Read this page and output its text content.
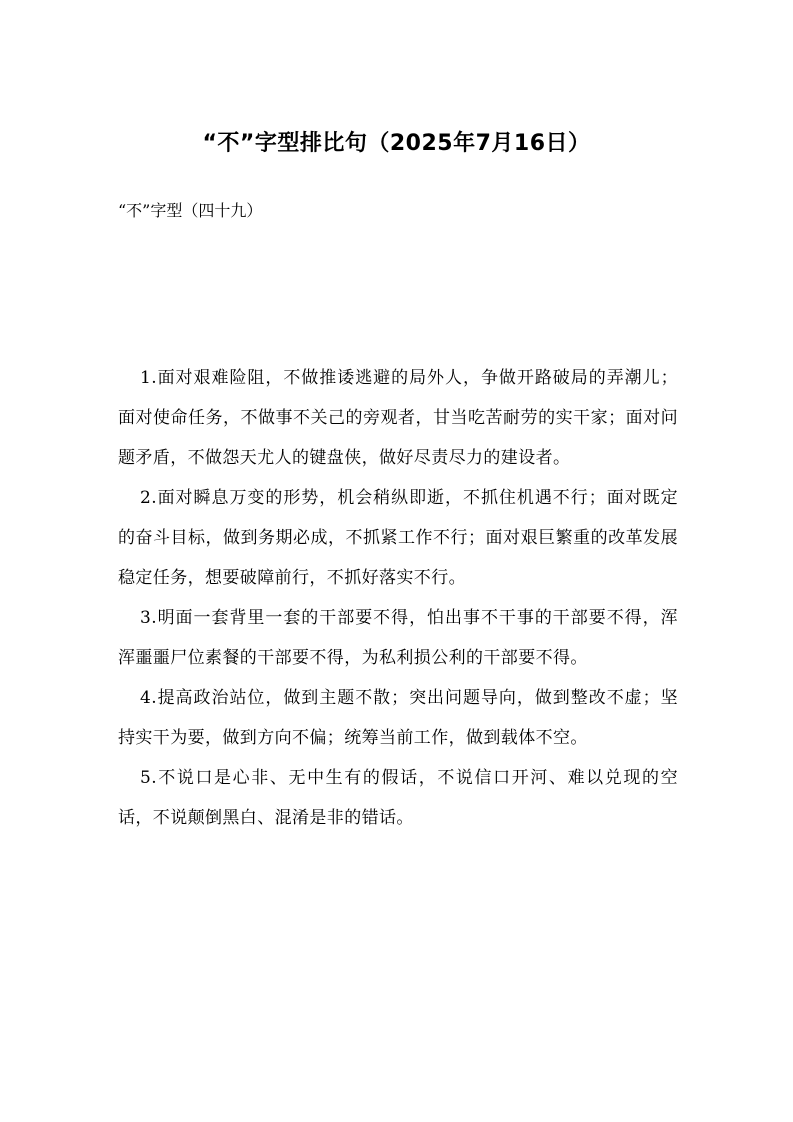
“不”字型排比句（2025年7月16日）
“不”字型（四十九）

1.面对艰难险阻，不做推诿逃避的局外人，争做开路破局的弄潮儿；面对使命任务，不做事不关己的旁观者，甘当吃苦耐劳的实干家；面对问题矛盾，不做怨天尤人的键盘侠，做好尽责尽力的建设者。

2.面对瞬息万变的形势，机会稍纵即逝，不抓住机遇不行；面对既定的奋斗目标，做到务期必成，不抓紧工作不行；面对艰巨繁重的改革发展稳定任务，想要破障前行，不抓好落实不行。

3.明面一套背里一套的干部要不得，怕出事不干事的干部要不得，浑浑噩噩尸位素餐的干部要不得，为私利损公利的干部要不得。

4.提高政治站位，做到主题不散；突出问题导向，做到整改不虚；坚持实干为要，做到方向不偏；统筹当前工作，做到载体不空。

5.不说口是心非、无中生有的假话，不说信口开河、难以兑现的空话，不说颠倒黑白、混淆是非的错话。
